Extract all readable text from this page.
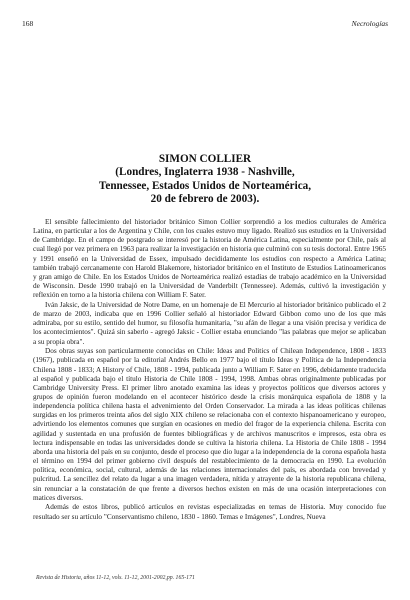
168	Necrologías
SIMON COLLIER
(Londres, Inglaterra 1938 - Nashville,
Tennessee, Estados Unidos de Norteamérica,
20 de febrero de 2003).

El sensible fallecimiento del historiador británico Simon Collier sorprendió a los medios culturales de América Latina, en particular a los de Argentina y Chile, con los cuales estuvo muy ligado. Realizó sus estudios en la Universidad de Cambridge. En el campo de postgrado se interesó por la historia de América Latina, especialmente por Chile, país al cual llegó por vez primera en 1963 para realizar la investigación en historia que culminó con su tesis doctoral. Entre 1965 y 1991 enseñó en la Universidad de Essex, impulsado decididamente los estudios con respecto a América Latina; también trabajó cercanamente con Harold Blakemore, historiador británico en el Instituto de Estudios Latinoamericanos y gran amigo de Chile. En los Estados Unidos de Norteamérica realizó estadías de trabajo académico en la Universidad de Wisconsin. Desde 1990 trabajó en la Universidad de Vanderbilt (Tennessee). Además, cultivó la investigación y reflexión en torno a la historia chilena con William F. Sater.

Iván Jaksic, de la Universidad de Notre Dame, en un homenaje de El Mercurio al historiador británico publicado el 2 de marzo de 2003, indicaba que en 1996 Collier señaló al historiador Edward Gibbon como uno de los que más admiraba, por su estilo, sentido del humor, su filosofía humanitaria, "su afán de llegar a una visión precisa y verídica de los acontecimientos". Quizá sin saberlo - agregó Jaksic - Collier estaba enunciando "las palabras que mejor se aplicaban a su propia obra".

Dos obras suyas son particularmente conocidas en Chile: Ideas and Politics of Chilean Independence, 1808 - 1833 (1967), publicada en español por la editorial Andrés Bello en 1977 bajo el título Ideas y Política de la Independencia Chilena 1808 - 1833; A History of Chile, 1808 - 1994, publicada junto a William F. Sater en 1996, debidamente traducida al español y publicada bajo el título Historia de Chile 1808 - 1994, 1998. Ambas obras originalmente publicadas por Cambridge University Press. El primer libro anotado examina las ideas y proyectos políticos que diversos actores y grupos de opinión fueron modelando en el acontecer histórico desde la crisis monárquica española de 1808 y la independencia política chilena hasta el advenimiento del Orden Conservador. La mirada a las ideas políticas chilenas surgidas en los primeros treinta años del siglo XIX chileno se relacionaba con el contexto hispanoamericano y europeo, advirtiendo los elementos comunes que surgían en ocasiones en medio del fragor de la experiencia chilena. Escrita con agilidad y sustentada en una profusión de fuentes bibliográficas y de archivos manuscritos e impresos, esta obra es lectura indispensable en todas las universidades donde se cultiva la historia chilena. La Historia de Chile 1808 - 1994 aborda una historia del país en su conjunto, desde el proceso que dio lugar a la independencia de la corona española hasta el término en 1994 del primer gobierno civil después del restablecimiento de la democracia en 1990. La evolución política, económica, social, cultural, además de las relaciones internacionales del país, es abordada con brevedad y pulcritud. La sencillez del relato da lugar a una imagen verdadera, nítida y atrayente de la historia republicana chilena, sin renunciar a la constatación de que frente a diversos hechos existen en más de una ocasión interpretaciones con matices diversos.

Además de estos libros, publicó artículos en revistas especializadas en temas de Historia. Muy conocido fue resultado ser su artículo "Conservantismo chileno, 1830 - 1860. Temas e Imágenes", Londres, Nueva

Revista de Historia, años 11-12, vols. 11-12, 2001-2002,pp. 165-171
